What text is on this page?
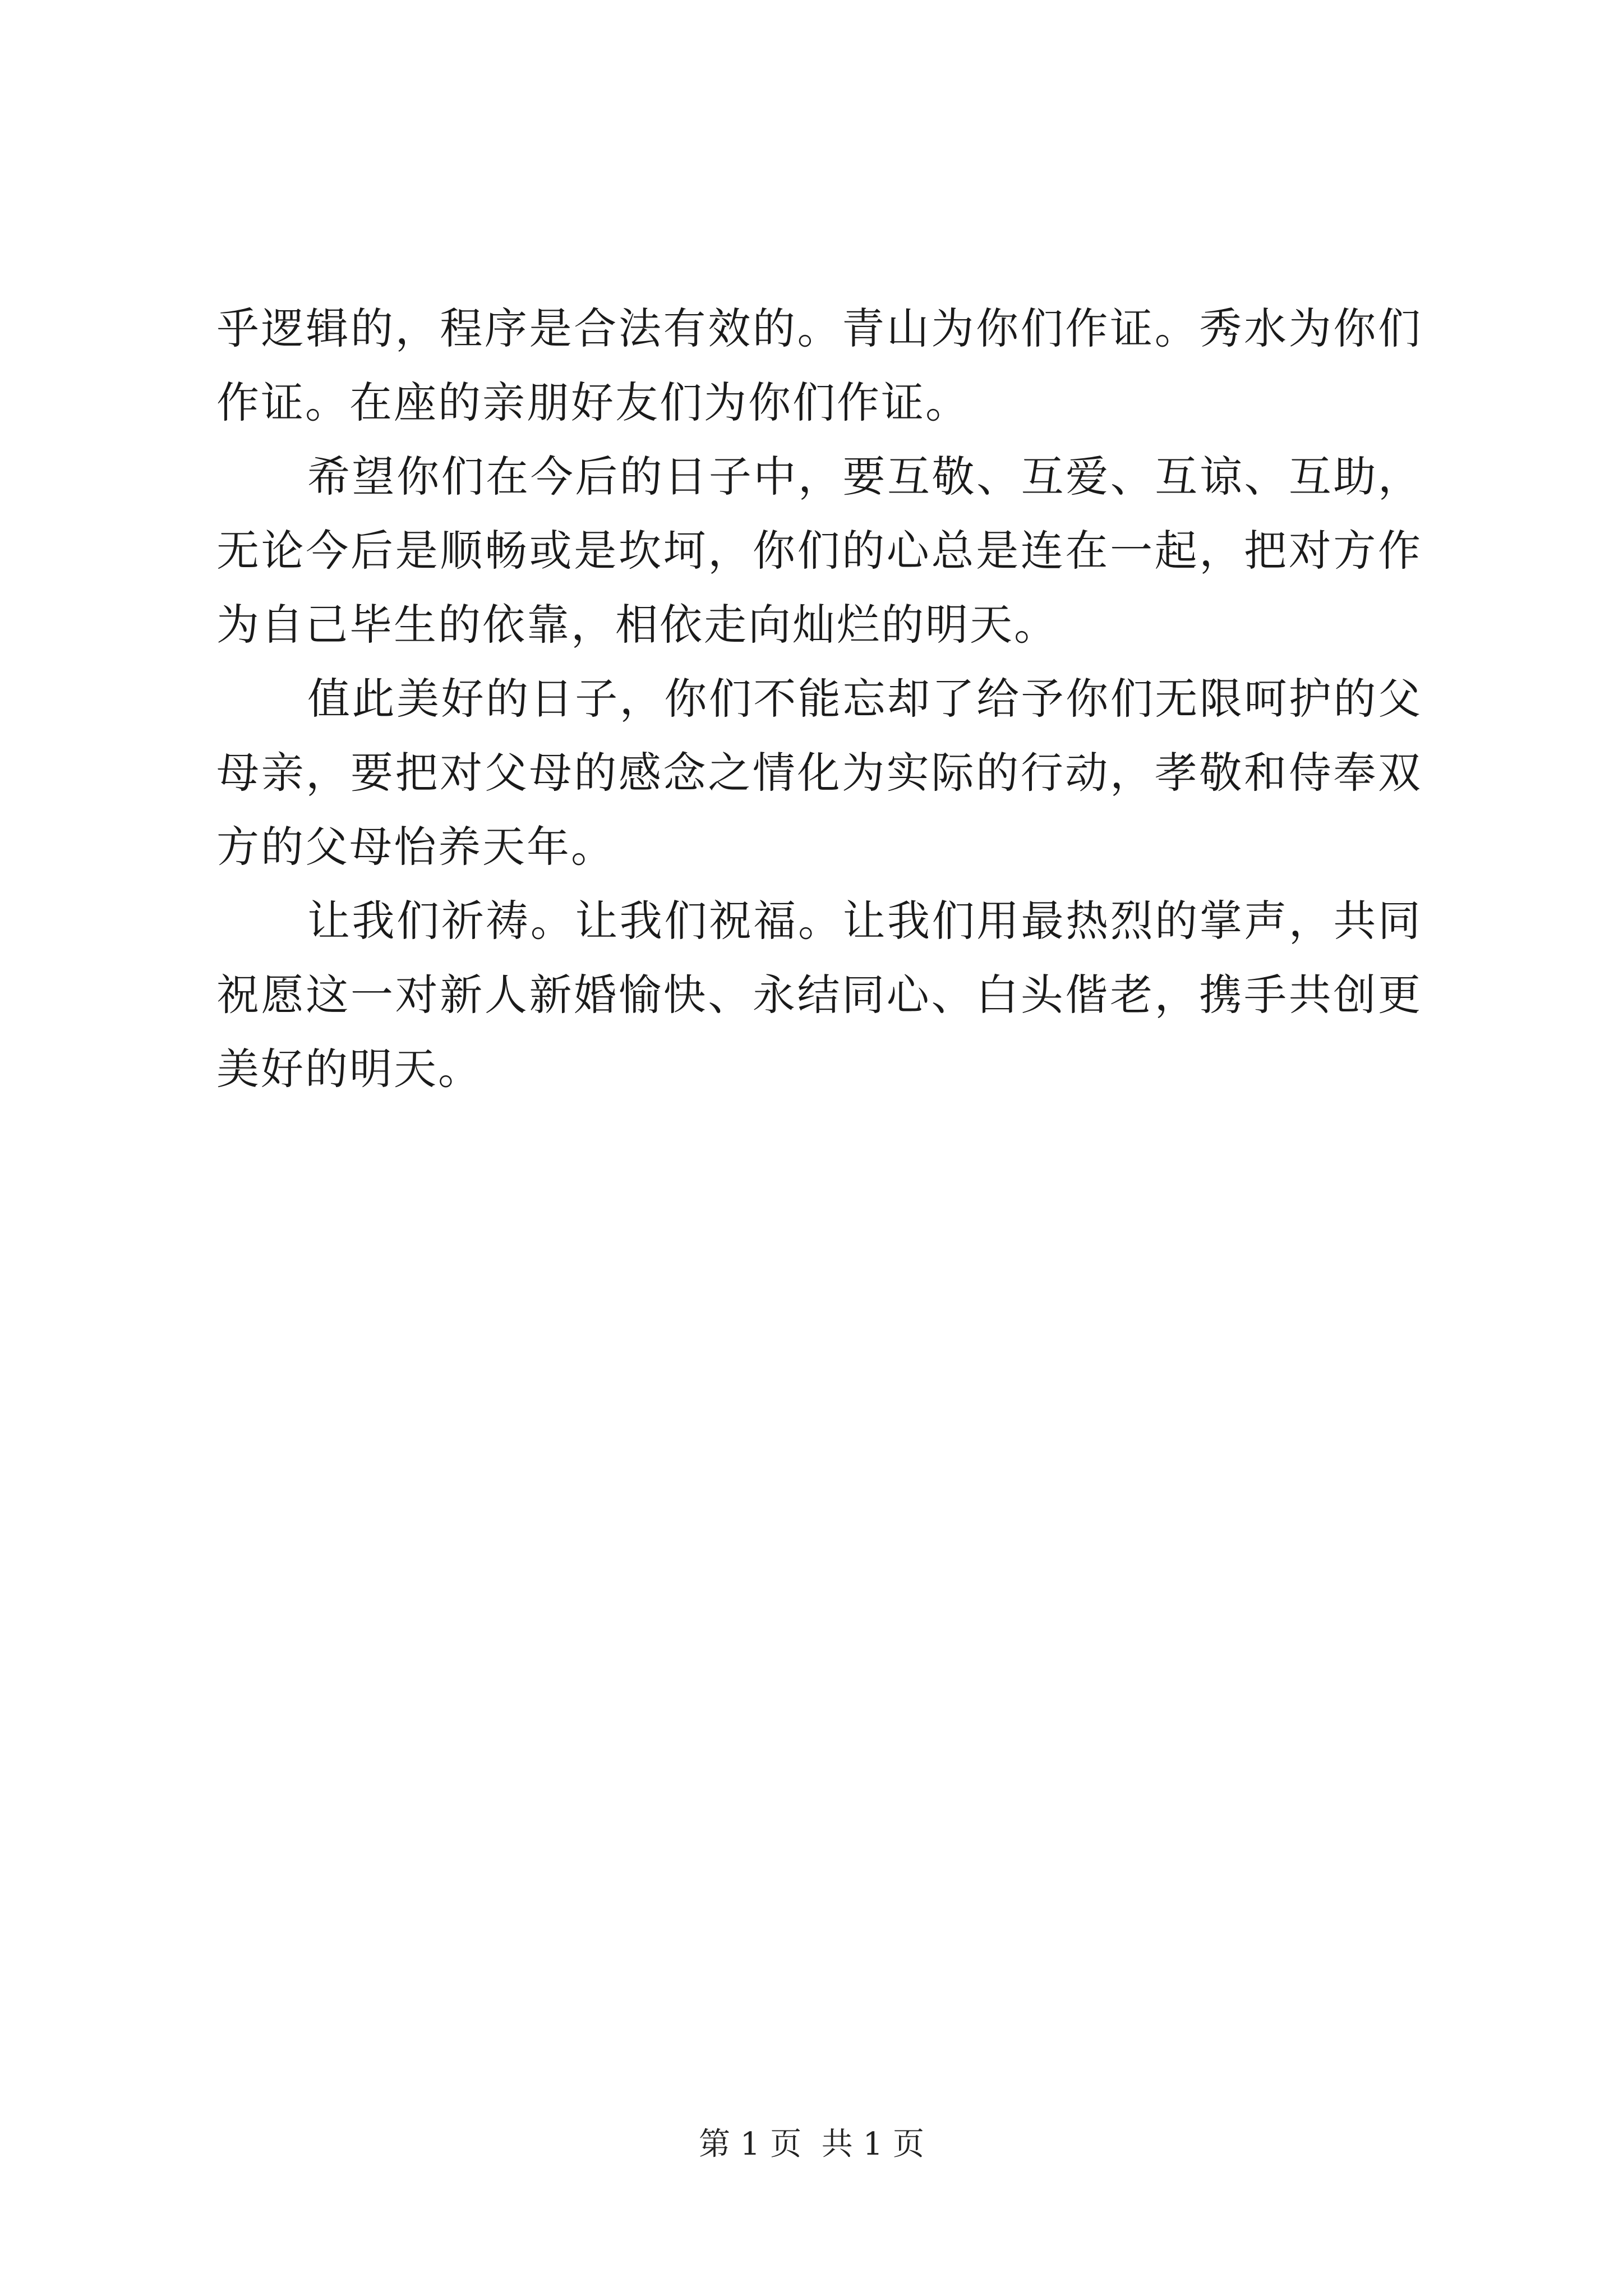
乎逻辑的，程序是合法有效的。青山为你们作证。秀水为你们作证。在座的亲朋好友们为你们作证。

希望你们在今后的日子中，要互敬、互爱、互谅、互助，无论今后是顺畅或是坎坷，你们的心总是连在一起，把对方作为自己毕生的依靠，相依走向灿烂的明天。

值此美好的日子，你们不能忘却了给予你们无限呵护的父母亲，要把对父母的感念之情化为实际的行动，孝敬和侍奉双方的父母怡养天年。

让我们祈祷。让我们祝福。让我们用最热烈的掌声，共同祝愿这一对新人新婚愉快、永结同心、白头偕老，携手共创更美好的明天。

第 1 页  共 1 页
